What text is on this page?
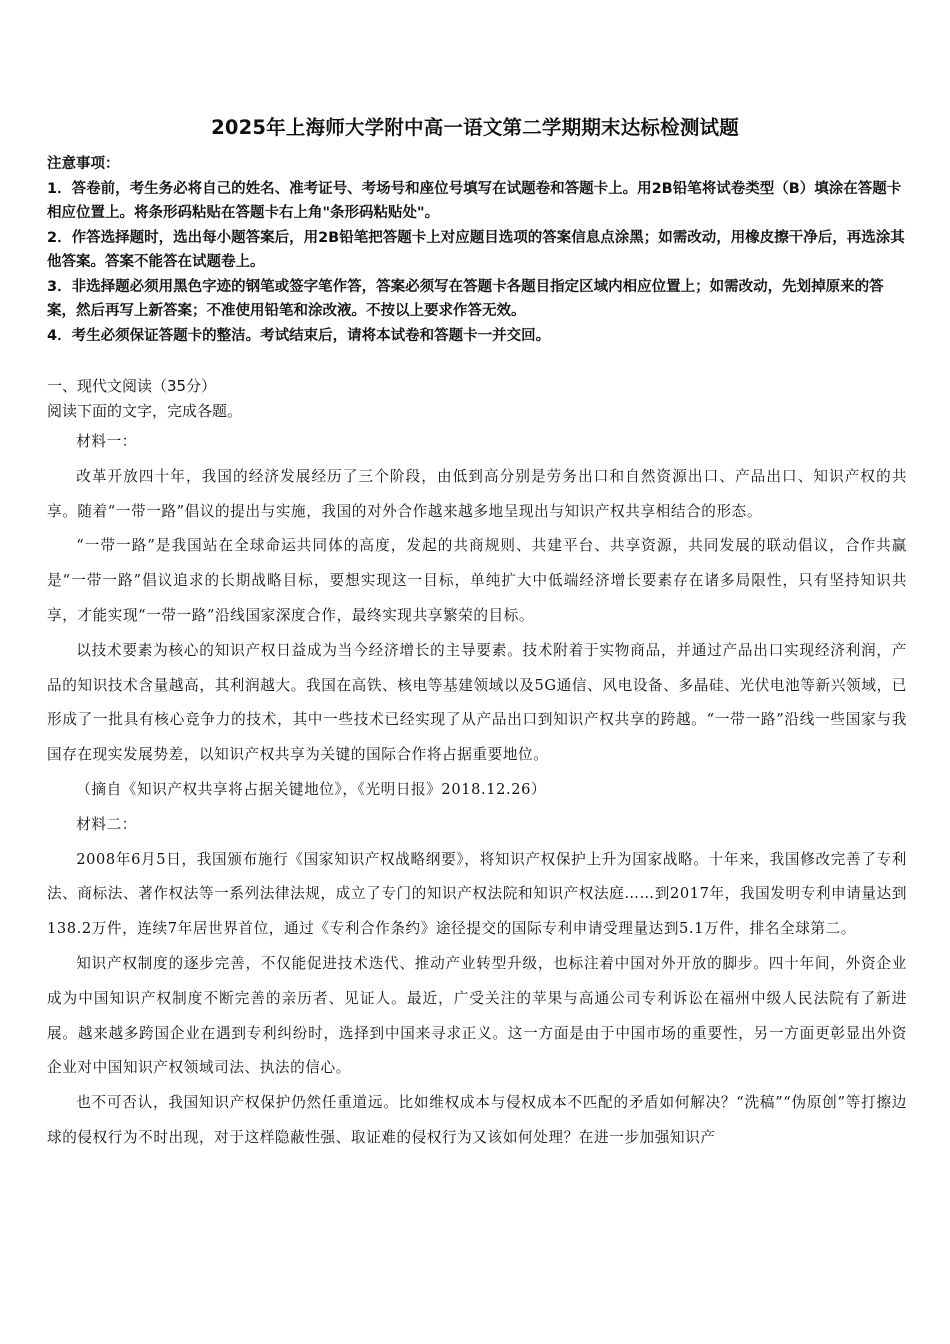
2025年上海师大学附中高一语文第二学期期末达标检测试题

注意事项：

1．答卷前，考生务必将自己的姓名、准考证号、考场号和座位号填写在试题卷和答题卡上。用2B铅笔将试卷类型（B）填涂在答题卡相应位置上。将条形码粘贴在答题卡右上角"条形码粘贴处"。

2．作答选择题时，选出每小题答案后，用2B铅笔把答题卡上对应题目选项的答案信息点涂黑；如需改动，用橡皮擦干净后，再选涂其他答案。答案不能答在试题卷上。

3．非选择题必须用黑色字迹的钢笔或签字笔作答，答案必须写在答题卡各题目指定区域内相应位置上；如需改动，先划掉原来的答案，然后再写上新答案；不准使用铅笔和涂改液。不按以上要求作答无效。

4．考生必须保证答题卡的整洁。考试结束后，请将本试卷和答题卡一并交回。

一、现代文阅读（35分）
阅读下面的文字，完成各题。

材料一：

改革开放四十年，我国的经济发展经历了三个阶段，由低到高分别是劳务出口和自然资源出口、产品出口、知识产权的共享。随着“一带一路”倡议的提出与实施，我国的对外合作越来越多地呈现出与知识产权共享相结合的形态。

“一带一路”是我国站在全球命运共同体的高度，发起的共商规则、共建平台、共享资源，共同发展的联动倡议，合作共赢是“一带一路”倡议追求的长期战略目标，要想实现这一目标，单纯扩大中低端经济增长要素存在诸多局限性，只有坚持知识共享，才能实现“一带一路”沿线国家深度合作，最终实现共享繁荣的目标。

以技术要素为核心的知识产权日益成为当今经济增长的主导要素。技术附着于实物商品，并通过产品出口实现经济利润，产品的知识技术含量越高，其利润越大。我国在高铁、核电等基建领域以及5G通信、风电设备、多晶硅、光伏电池等新兴领域，已形成了一批具有核心竞争力的技术，其中一些技术已经实现了从产品出口到知识产权共享的跨越。“一带一路”沿线一些国家与我国存在现实发展势差，以知识产权共享为关键的国际合作将占据重要地位。

（摘自《知识产权共享将占据关键地位》，《光明日报》2018.12.26）

材料二：

2008年6月5日，我国颁布施行《国家知识产权战略纲要》，将知识产权保护上升为国家战略。十年来，我国修改完善了专利法、商标法、著作权法等一系列法律法规，成立了专门的知识产权法院和知识产权法庭……到2017年，我国发明专利申请量达到138.2万件，连续7年居世界首位，通过《专利合作条约》途径提交的国际专利申请受理量达到5.1万件，排名全球第二。

知识产权制度的逐步完善，不仅能促进技术迭代、推动产业转型升级，也标注着中国对外开放的脚步。四十年间，外资企业成为中国知识产权制度不断完善的亲历者、见证人。最近，广受关注的苹果与高通公司专利诉讼在福州中级人民法院有了新进展。越来越多跨国企业在遇到专利纠纷时，选择到中国来寻求正义。这一方面是由于中国市场的重要性，另一方面更彰显出外资企业对中国知识产权领域司法、执法的信心。

也不可否认，我国知识产权保护仍然任重道远。比如维权成本与侵权成本不匹配的矛盾如何解决？“洗稿”“伪原创”等打擦边球的侵权行为不时出现，对于这样隐蔽性强、取证难的侵权行为又该如何处理？在进一步加强知识产
